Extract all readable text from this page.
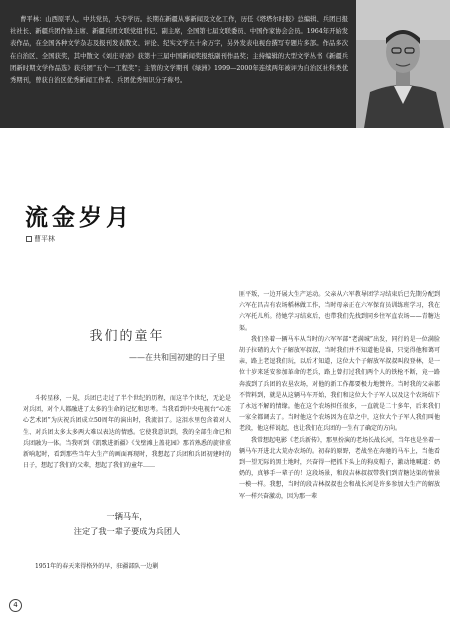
曹平林：山西原平人，中共党员，大专学历。长期在新疆从事新闻及文化工作，历任《塔塔尔时报》总编辑、兵团日报社社长、新疆兵团作协主席、新疆兵团文联党组书记、副主席，全国第七届文联委员、中国作家协会会员。1964年开始发表作品，在全国各种文学杂志及报刊发表散文、评论、纪实文学五十余万字，另外发表电视台撰写专题片多部。作品多次在自治区、全国获奖，其中散文《刘庄寻迹》获第十三届中国新闻奖报纸副刊作品奖；主持编辑的大型文学丛书《新疆兵团新时期文学作品选》获兵团“五个一工程奖”；主管的文学期刊《绿洲》1999—2000年连续两年被评为自治区社科类优秀期刊，曾获自治区优秀新闻工作者、兵团优秀知识分子称号。

流金岁月
曹平林
我们的童年
——在共和国初建的日子里

斗转星移，一晃，兵团已走过了半个世纪的历程，而这半个世纪，无论是对兵团，对个人都融进了太多的生命的记忆和思考。当我看到中央电视台“心连心艺术团”为庆祝兵团成立50周年的演出时，我流泪了。这泪水里包含着对人生、对兵团太多太多两大难以表达的情感。它使我意识到，我的全部生命已和兵团融为一体。当我听到《凯歌进新疆》《戈壁滩上盖花园》那首熟悉的旋律重新响起时，看到那些当年大生产的画面再现时，我想起了兵团和兵团初建时的日子，想起了我们的父辈，想起了我们的童年……

一辆马车，
注定了我一辈子要成为兵团人

1951年的春天来得格外的早，驻疆部队一边剿

匪平叛，一边开展大生产运动。父亲从六军教导团学习结束后已先期分配到六军在昌吉有农场稻林做工作，当时母亲正在六军保育员训练班学习，我在六军托儿所。待她学习结束后，也带我们先找到同乡往军直农场——青糖达渠。

我们坐着一辆马车从当时的六军军部“老满城”出发，同行的是一位满脸胡子拉碴的大个子解放军叔叔，当时我们并不知道他是谁，只觉得他和蔼可亲，路上老逗我们玩，以后才知道，这位大个子解放军叔叔叫段登林，是一位十岁来延安参加革命的老兵，路上曾打过我们两个人的铁枪不断，竟一路奔波到了兵团的农垦农场，对他的新工作都要极力地赞许。当时我的父亲都不管料到，就是从这辆马车开始，我们和这位大个子军人以及这个农场结下了永远不解的情缘。他在这个农场担任很多，一直就是二十多年，后来我们一家全都调去了。当时他这个农场因为在草之中，这位大个子军人我们叫他老段，他这样说起，也让我们在兵团的一生有了确定的方向。

我常想起电影《老兵新传》，那里扮演的老场长战长河，当年也是坐着一辆马车开进北大荒办农场的。初春的原野，老战坐在奔驰的马车上，当他看到一望无际的黑土地时，兴奋得一把抓下头上的狗皮帽子，激动地喊道：奶奶的，真够手一辈子的！这段场景，和段吉林叔叔带我们到青糖达渠的情景一模一样。我想，当时的段吉林叔叔也会和战长河是许多参加大生产的解放军一样兴奋激动，因为那一辈

4
